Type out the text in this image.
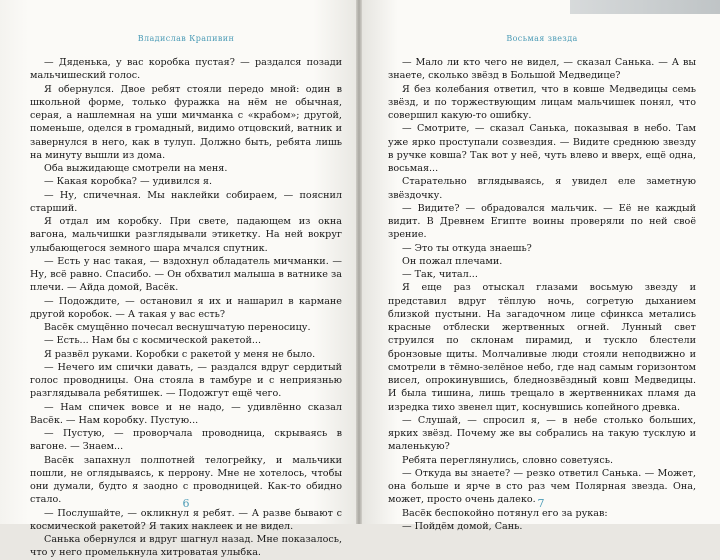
Владислав Крапивин

— Дяденька, у вас коробка пустая? — раздался позади мальчишеский голос.

Я обернулся. Двое ребят стояли передо мной: один в школьной форме, только фуражка на нём не обычная, серая, а нашлемная на уши мичманка с «крабом»; другой, поменьше, оделся в громадный, видимо отцовский, ватник и завернулся в него, как в тулуп. Должно быть, ребята лишь на минуту вышли из дома.

Оба выжидающе смотрели на меня.

— Какая коробка? — удивился я.

— Ну, спичечная. Мы наклейки собираем, — пояснил старший.

Я отдал им коробку. При свете, падающем из окна вагона, мальчишки разглядывали этикетку. На ней вокруг улыбающегося земного шара мчался спутник.

— Есть у нас такая, — вздохнул обладатель мичманки. — Ну, всё равно. Спасибо. — Он обхватил малыша в ватнике за плечи. — Айда домой, Васёк.

— Подождите, — остановил я их и нашарил в кармане другой коробок. — А такая у вас есть?

Васёк смущённо почесал веснушчатую переносицу.

— Есть... Нам бы с космической ракетой...

Я развёл руками. Коробки с ракетой у меня не было.

— Нечего им спички давать, — раздался вдруг сердитый голос проводницы. Она стояла в тамбуре и с неприязнью разглядывала ребятишек. — Подожгут ещё чего.

— Нам спичек вовсе и не надо, — удивлённо сказал Васёк. — Нам коробку. Пустую...

— Пустую, — проворчала проводница, скрываясь в вагоне. — Знаем...

Васёк запахнул полпотней телогрейку, и мальчики пошли, не оглядываясь, к перрону. Мне не хотелось, чтобы они думали, будто я заодно с проводницей. Как-то обидно стало.

— Послушайте, — окликнул я ребят. — А разве бывают с космической ракетой? Я таких наклеек и не видел.

Санька обернулся и вдруг шагнул назад. Мне показалось, что у него промелькнула хитроватая улыбка.

6
Восьмая звезда

— Мало ли кто чего не видел, — сказал Санька. — А вы знаете, сколько звёзд в Большой Медведице?

Я без колебания ответил, что в ковше Медведицы семь звёзд, и по торжествующим лицам мальчишек понял, что совершил какую-то ошибку.

— Смотрите, — сказал Санька, показывая в небо. Там уже ярко проступали созвездия. — Видите среднюю звезду в ручке ковша? Так вот у неё, чуть влево и вверх, ещё одна, восьмая...

Старательно вглядываясь, я увидел еле заметную звёздочку.

— Видите? — обрадовался мальчик. — Её не каждый видит. В Древнем Египте воины проверяли по ней своё зрение.

— Это ты откуда знаешь?

Он пожал плечами.

— Так, читал...

Я еще раз отыскал глазами восьмую звезду и представил вдруг тёплую ночь, согретую дыханием близкой пустыни. На загадочном лице сфинкса метались красные отблески жертвенных огней. Лунный свет струился по склонам пирамид, и тускло блестели бронзовые щиты. Молчаливые люди стояли неподвижно и смотрели в тёмно-зелёное небо, где над самым горизонтом висел, опрокинувшись, бледнозвёздный ковш Медведицы. И была тишина, лишь трещало в жертвенниках пламя да изредка тихо звенел щит, коснувшись копейного древка.

— Слушай, — спросил я, — в небе столько больших, ярких звёзд. Почему же вы собрались на такую тусклую и маленькую?

Ребята переглянулись, словно советуясь.

— Откуда вы знаете? — резко ответил Санька. — Может, она больше и ярче в сто раз чем Полярная звезда. Она, может, просто очень далеко.

Васёк беспокойно потянул его за рукав:

— Пойдём домой, Сань.

7
